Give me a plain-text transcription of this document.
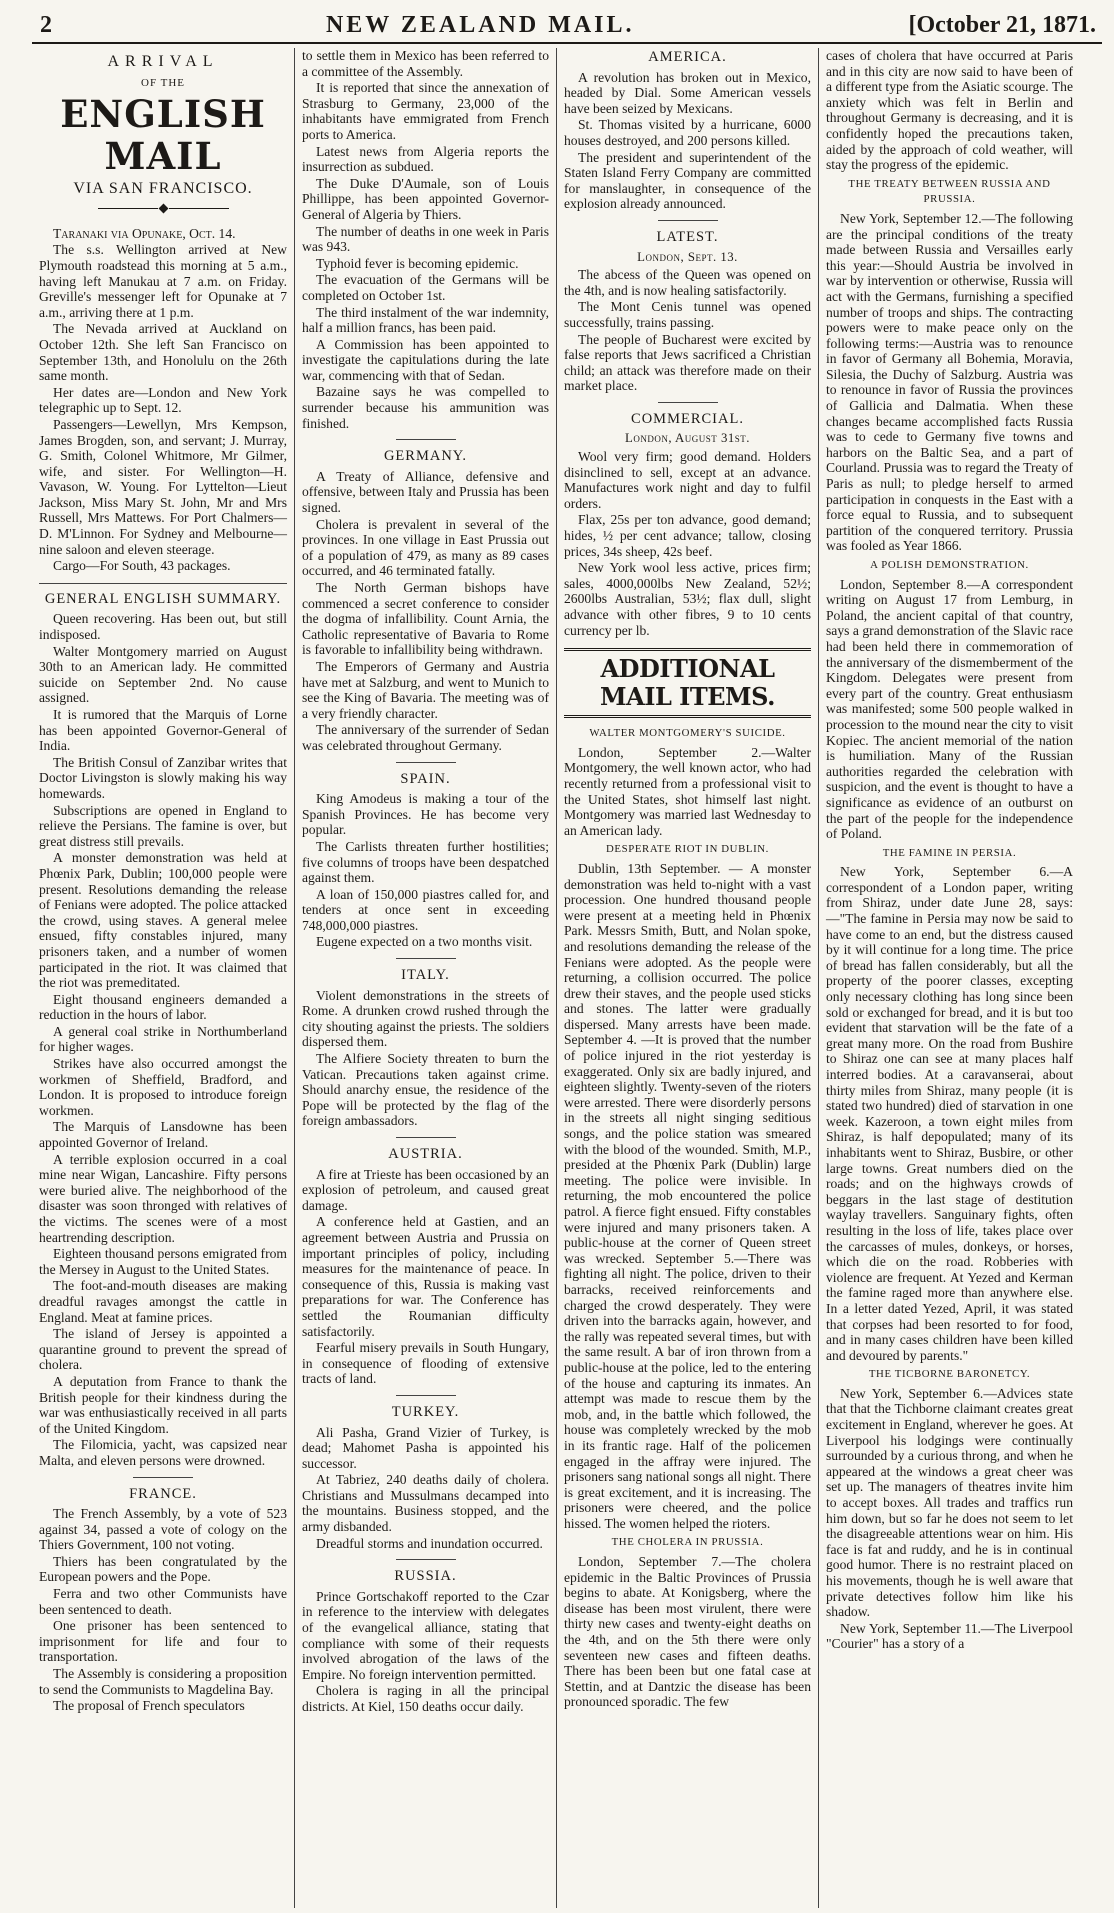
2	NEW ZEALAND MAIL.	[October 21, 1871.
ARRIVAL
OF THE
ENGLISH MAIL
VIA SAN FRANCISCO.

Taranaki via Opunake, Oct. 14.

The s.s. Wellington arrived at New Plymouth roadstead this morning at 5 a.m., having left Manukau at 7 a.m. on Friday. Greville's messenger left for Opunake at 7 a.m., arriving there at 1 p.m.

The Nevada arrived at Auckland on October 12th. She left San Francisco on September 13th, and Honolulu on the 26th same month.

Her dates are—London and New York telegraphic up to Sept. 12.

Passengers—Lewellyn, Mrs Kempson, James Brogden, son, and servant; J. Murray, G. Smith, Colonel Whitmore, Mr Gilmer, wife, and sister. For Wellington—H. Vavason, W. Young. For Lyttelton—Lieut Jackson, Miss Mary St. John, Mr and Mrs Russell, Mrs Mattews. For Port Chalmers—D. M'Linnon. For Sydney and Melbourne—nine saloon and eleven steerage.

Cargo—For South, 43 packages.

GENERAL ENGLISH SUMMARY.

Queen recovering. Has been out, but still indisposed.

Walter Montgomery married on August 30th to an American lady. He committed suicide on September 2nd. No cause assigned.

It is rumored that the Marquis of Lorne has been appointed Governor-General of India.

The British Consul of Zanzibar writes that Doctor Livingston is slowly making his way homewards.

Subscriptions are opened in England to relieve the Persians. The famine is over, but great distress still prevails.

A monster demonstration was held at Phœnix Park, Dublin; 100,000 people were present. Resolutions demanding the release of Fenians were adopted. The police attacked the crowd, using staves. A general melee ensued, fifty constables injured, many prisoners taken, and a number of women participated in the riot. It was claimed that the riot was premeditated.

Eight thousand engineers demanded a reduction in the hours of labor.

A general coal strike in Northumberland for higher wages.

Strikes have also occurred amongst the workmen of Sheffield, Bradford, and London. It is proposed to introduce foreign workmen.

The Marquis of Lansdowne has been appointed Governor of Ireland.

A terrible explosion occurred in a coal mine near Wigan, Lancashire. Fifty persons were buried alive. The neighborhood of the disaster was soon thronged with relatives of the victims. The scenes were of a most heartrending description.

Eighteen thousand persons emigrated from the Mersey in August to the United States.

The foot-and-mouth diseases are making dreadful ravages amongst the cattle in England. Meat at famine prices.

The island of Jersey is appointed a quarantine ground to prevent the spread of cholera.

A deputation from France to thank the British people for their kindness during the war was enthusiastically received in all parts of the United Kingdom.

The Filomicia, yacht, was capsized near Malta, and eleven persons were drowned.

FRANCE.

The French Assembly, by a vote of 523 against 34, passed a vote of cology on the Thiers Government, 100 not voting.

Thiers has been congratulated by the European powers and the Pope.

Ferra and two other Communists have been sentenced to death.

One prisoner has been sentenced to imprisonment for life and four to transportation.

The Assembly is considering a proposition to send the Communists to Magdelina Bay.

The proposal of French speculators

to settle them in Mexico has been referred to a committee of the Assembly.

It is reported that since the annexation of Strasburg to Germany, 23,000 of the inhabitants have emmigrated from French ports to America.

Latest news from Algeria reports the insurrection as subdued.

The Duke D'Aumale, son of Louis Phillippe, has been appointed Governor-General of Algeria by Thiers.

The number of deaths in one week in Paris was 943.

Typhoid fever is becoming epidemic.

The evacuation of the Germans will be completed on October 1st.

The third instalment of the war indemnity, half a million francs, has been paid.

A Commission has been appointed to investigate the capitulations during the late war, commencing with that of Sedan.

Bazaine says he was compelled to surrender because his ammunition was finished.

GERMANY.

A Treaty of Alliance, defensive and offensive, between Italy and Prussia has been signed.

Cholera is prevalent in several of the provinces. In one village in East Prussia out of a population of 479, as many as 89 cases occurred, and 46 terminated fatally.

The North German bishops have commenced a secret conference to consider the dogma of infallibility. Count Arnia, the Catholic representative of Bavaria to Rome is favorable to infallibility being withdrawn.

The Emperors of Germany and Austria have met at Salzburg, and went to Munich to see the King of Bavaria. The meeting was of a very friendly character.

The anniversary of the surrender of Sedan was celebrated throughout Germany.

SPAIN.

King Amodeus is making a tour of the Spanish Provinces. He has become very popular.

The Carlists threaten further hostilities; five columns of troops have been despatched against them.

A loan of 150,000 piastres called for, and tenders at once sent in exceeding 748,000,000 piastres.

Eugene expected on a two months visit.

ITALY.

Violent demonstrations in the streets of Rome. A drunken crowd rushed through the city shouting against the priests. The soldiers dispersed them.

The Alfiere Society threaten to burn the Vatican. Precautions taken against crime. Should anarchy ensue, the residence of the Pope will be protected by the flag of the foreign ambassadors.

AUSTRIA.

A fire at Trieste has been occasioned by an explosion of petroleum, and caused great damage.

A conference held at Gastien, and an agreement between Austria and Prussia on important principles of policy, including measures for the maintenance of peace. In consequence of this, Russia is making vast preparations for war. The Conference has settled the Roumanian difficulty satisfactorily.

Fearful misery prevails in South Hungary, in consequence of flooding of extensive tracts of land.

TURKEY.

Ali Pasha, Grand Vizier of Turkey, is dead; Mahomet Pasha is appointed his successor.

At Tabriez, 240 deaths daily of cholera. Christians and Mussulmans decamped into the mountains. Business stopped, and the army disbanded.

Dreadful storms and inundation occurred.

RUSSIA.

Prince Gortschakoff reported to the Czar in reference to the interview with delegates of the evangelical alliance, stating that compliance with some of their requests involved abrogation of the laws of the Empire. No foreign intervention permitted.

Cholera is raging in all the principal districts. At Kiel, 150 deaths occur daily.

AMERICA.

A revolution has broken out in Mexico, headed by Dial. Some American vessels have been seized by Mexicans.

St. Thomas visited by a hurricane, 6000 houses destroyed, and 200 persons killed.

The president and superintendent of the Staten Island Ferry Company are committed for manslaughter, in consequence of the explosion already announced.

LATEST.
London, Sept. 13.

The abcess of the Queen was opened on the 4th, and is now healing satisfactorily.

The Mont Cenis tunnel was opened successfully, trains passing.

The people of Bucharest were excited by false reports that Jews sacrificed a Christian child; an attack was therefore made on their market place.

COMMERCIAL.
London, August 31st.

Wool very firm; good demand. Holders disinclined to sell, except at an advance. Manufactures work night and day to fulfil orders.

Flax, 25s per ton advance, good demand; hides, ½ per cent advance; tallow, closing prices, 34s sheep, 42s beef.

New York wool less active, prices firm; sales, 4000,000lbs New Zealand, 52½; 2600lbs Australian, 53½; flax dull, slight advance with other fibres, 9 to 10 cents currency per lb.

ADDITIONAL MAIL ITEMS.
WALTER MONTGOMERY'S SUICIDE.

London, September 2.—Walter Montgomery, the well known actor, who had recently returned from a professional visit to the United States, shot himself last night. Montgomery was married last Wednesday to an American lady.

DESPERATE RIOT IN DUBLIN.

Dublin, 13th September. — A monster demonstration was held to-night with a vast procession. One hundred thousand people were present at a meeting held in Phœnix Park. Messrs Smith, Butt, and Nolan spoke, and resolutions demanding the release of the Fenians were adopted. As the people were returning, a collision occurred. The police drew their staves, and the people used sticks and stones. The latter were gradually dispersed. Many arrests have been made. September 4. —It is proved that the number of police injured in the riot yesterday is exaggerated. Only six are badly injured, and eighteen slightly. Twenty-seven of the rioters were arrested. There were disorderly persons in the streets all night singing seditious songs, and the police station was smeared with the blood of the wounded. Smith, M.P., presided at the Phœnix Park (Dublin) large meeting. The police were invisible. In returning, the mob encountered the police patrol. A fierce fight ensued. Fifty constables were injured and many prisoners taken. A public-house at the corner of Queen street was wrecked. September 5.—There was fighting all night. The police, driven to their barracks, received reinforcements and charged the crowd desperately. They were driven into the barracks again, however, and the rally was repeated several times, but with the same result. A bar of iron thrown from a public-house at the police, led to the entering of the house and capturing its inmates. An attempt was made to rescue them by the mob, and, in the battle which followed, the house was completely wrecked by the mob in its frantic rage. Half of the policemen engaged in the affray were injured. The prisoners sang national songs all night. There is great excitement, and it is increasing. The prisoners were cheered, and the police hissed. The women helped the rioters.

THE CHOLERA IN PRUSSIA.

London, September 7.—The cholera epidemic in the Baltic Provinces of Prussia begins to abate. At Konigsberg, where the disease has been most virulent, there were thirty new cases and twenty-eight deaths on the 4th, and on the 5th there were only seventeen new cases and fifteen deaths. There has been been but one fatal case at Stettin, and at Dantzic the disease has been pronounced sporadic. The few

cases of cholera that have occurred at Paris and in this city are now said to have been of a different type from the Asiatic scourge. The anxiety which was felt in Berlin and throughout Germany is decreasing, and it is confidently hoped the precautions taken, aided by the approach of cold weather, will stay the progress of the epidemic.

THE TREATY BETWEEN RUSSIA AND PRUSSIA.

New York, September 12.—The following are the principal conditions of the treaty made between Russia and Versailles early this year:—Should Austria be involved in war by intervention or otherwise, Russia will act with the Germans, furnishing a specified number of troops and ships. The contracting powers were to make peace only on the following terms:—Austria was to renounce in favor of Germany all Bohemia, Moravia, Silesia, the Duchy of Salzburg. Austria was to renounce in favor of Russia the provinces of Gallicia and Dalmatia. When these changes became accomplished facts Russia was to cede to Germany five towns and harbors on the Baltic Sea, and a part of Courland. Prussia was to regard the Treaty of Paris as null; to pledge herself to armed participation in conquests in the East with a force equal to Russia, and to subsequent partition of the conquered territory. Prussia was fooled as Year 1866.

A POLISH DEMONSTRATION.

London, September 8.—A correspondent writing on August 17 from Lemburg, in Poland, the ancient capital of that country, says a grand demonstration of the Slavic race had been held there in commemoration of the anniversary of the dismemberment of the Kingdom. Delegates were present from every part of the country. Great enthusiasm was manifested; some 500 people walked in procession to the mound near the city to visit Kopiec. The ancient memorial of the nation is humiliation. Many of the Russian authorities regarded the celebration with suspicion, and the event is thought to have a significance as evidence of an outburst on the part of the people for the independence of Poland.

THE FAMINE IN PERSIA.

New York, September 6.—A correspondent of a London paper, writing from Shiraz, under date June 28, says:—"The famine in Persia may now be said to have come to an end, but the distress caused by it will continue for a long time. The price of bread has fallen considerably, but all the property of the poorer classes, excepting only necessary clothing has long since been sold or exchanged for bread, and it is but too evident that starvation will be the fate of a great many more. On the road from Bushire to Shiraz one can see at many places half interred bodies. At a caravanserai, about thirty miles from Shiraz, many people (it is stated two hundred) died of starvation in one week. Kazeroon, a town eight miles from Shiraz, is half depopulated; many of its inhabitants went to Shiraz, Busbire, or other large towns. Great numbers died on the roads; and on the highways crowds of beggars in the last stage of destitution waylay travellers. Sanguinary fights, often resulting in the loss of life, takes place over the carcasses of mules, donkeys, or horses, which die on the road. Robberies with violence are frequent. At Yezed and Kerman the famine raged more than anywhere else. In a letter dated Yezed, April, it was stated that corpses had been resorted to for food, and in many cases children have been killed and devoured by parents."

THE TICBORNE BARONETCY.

New York, September 6.—Advices state that that the Tichborne claimant creates great excitement in England, wherever he goes. At Liverpool his lodgings were continually surrounded by a curious throng, and when he appeared at the windows a great cheer was set up. The managers of theatres invite him to accept boxes. All trades and traffics run him down, but so far he does not seem to let the disagreeable attentions wear on him. His face is fat and ruddy, and he is in continual good humor. There is no restraint placed on his movements, though he is well aware that private detectives follow him like his shadow.

New York, September 11.—The Liverpool "Courier" has a story of a
